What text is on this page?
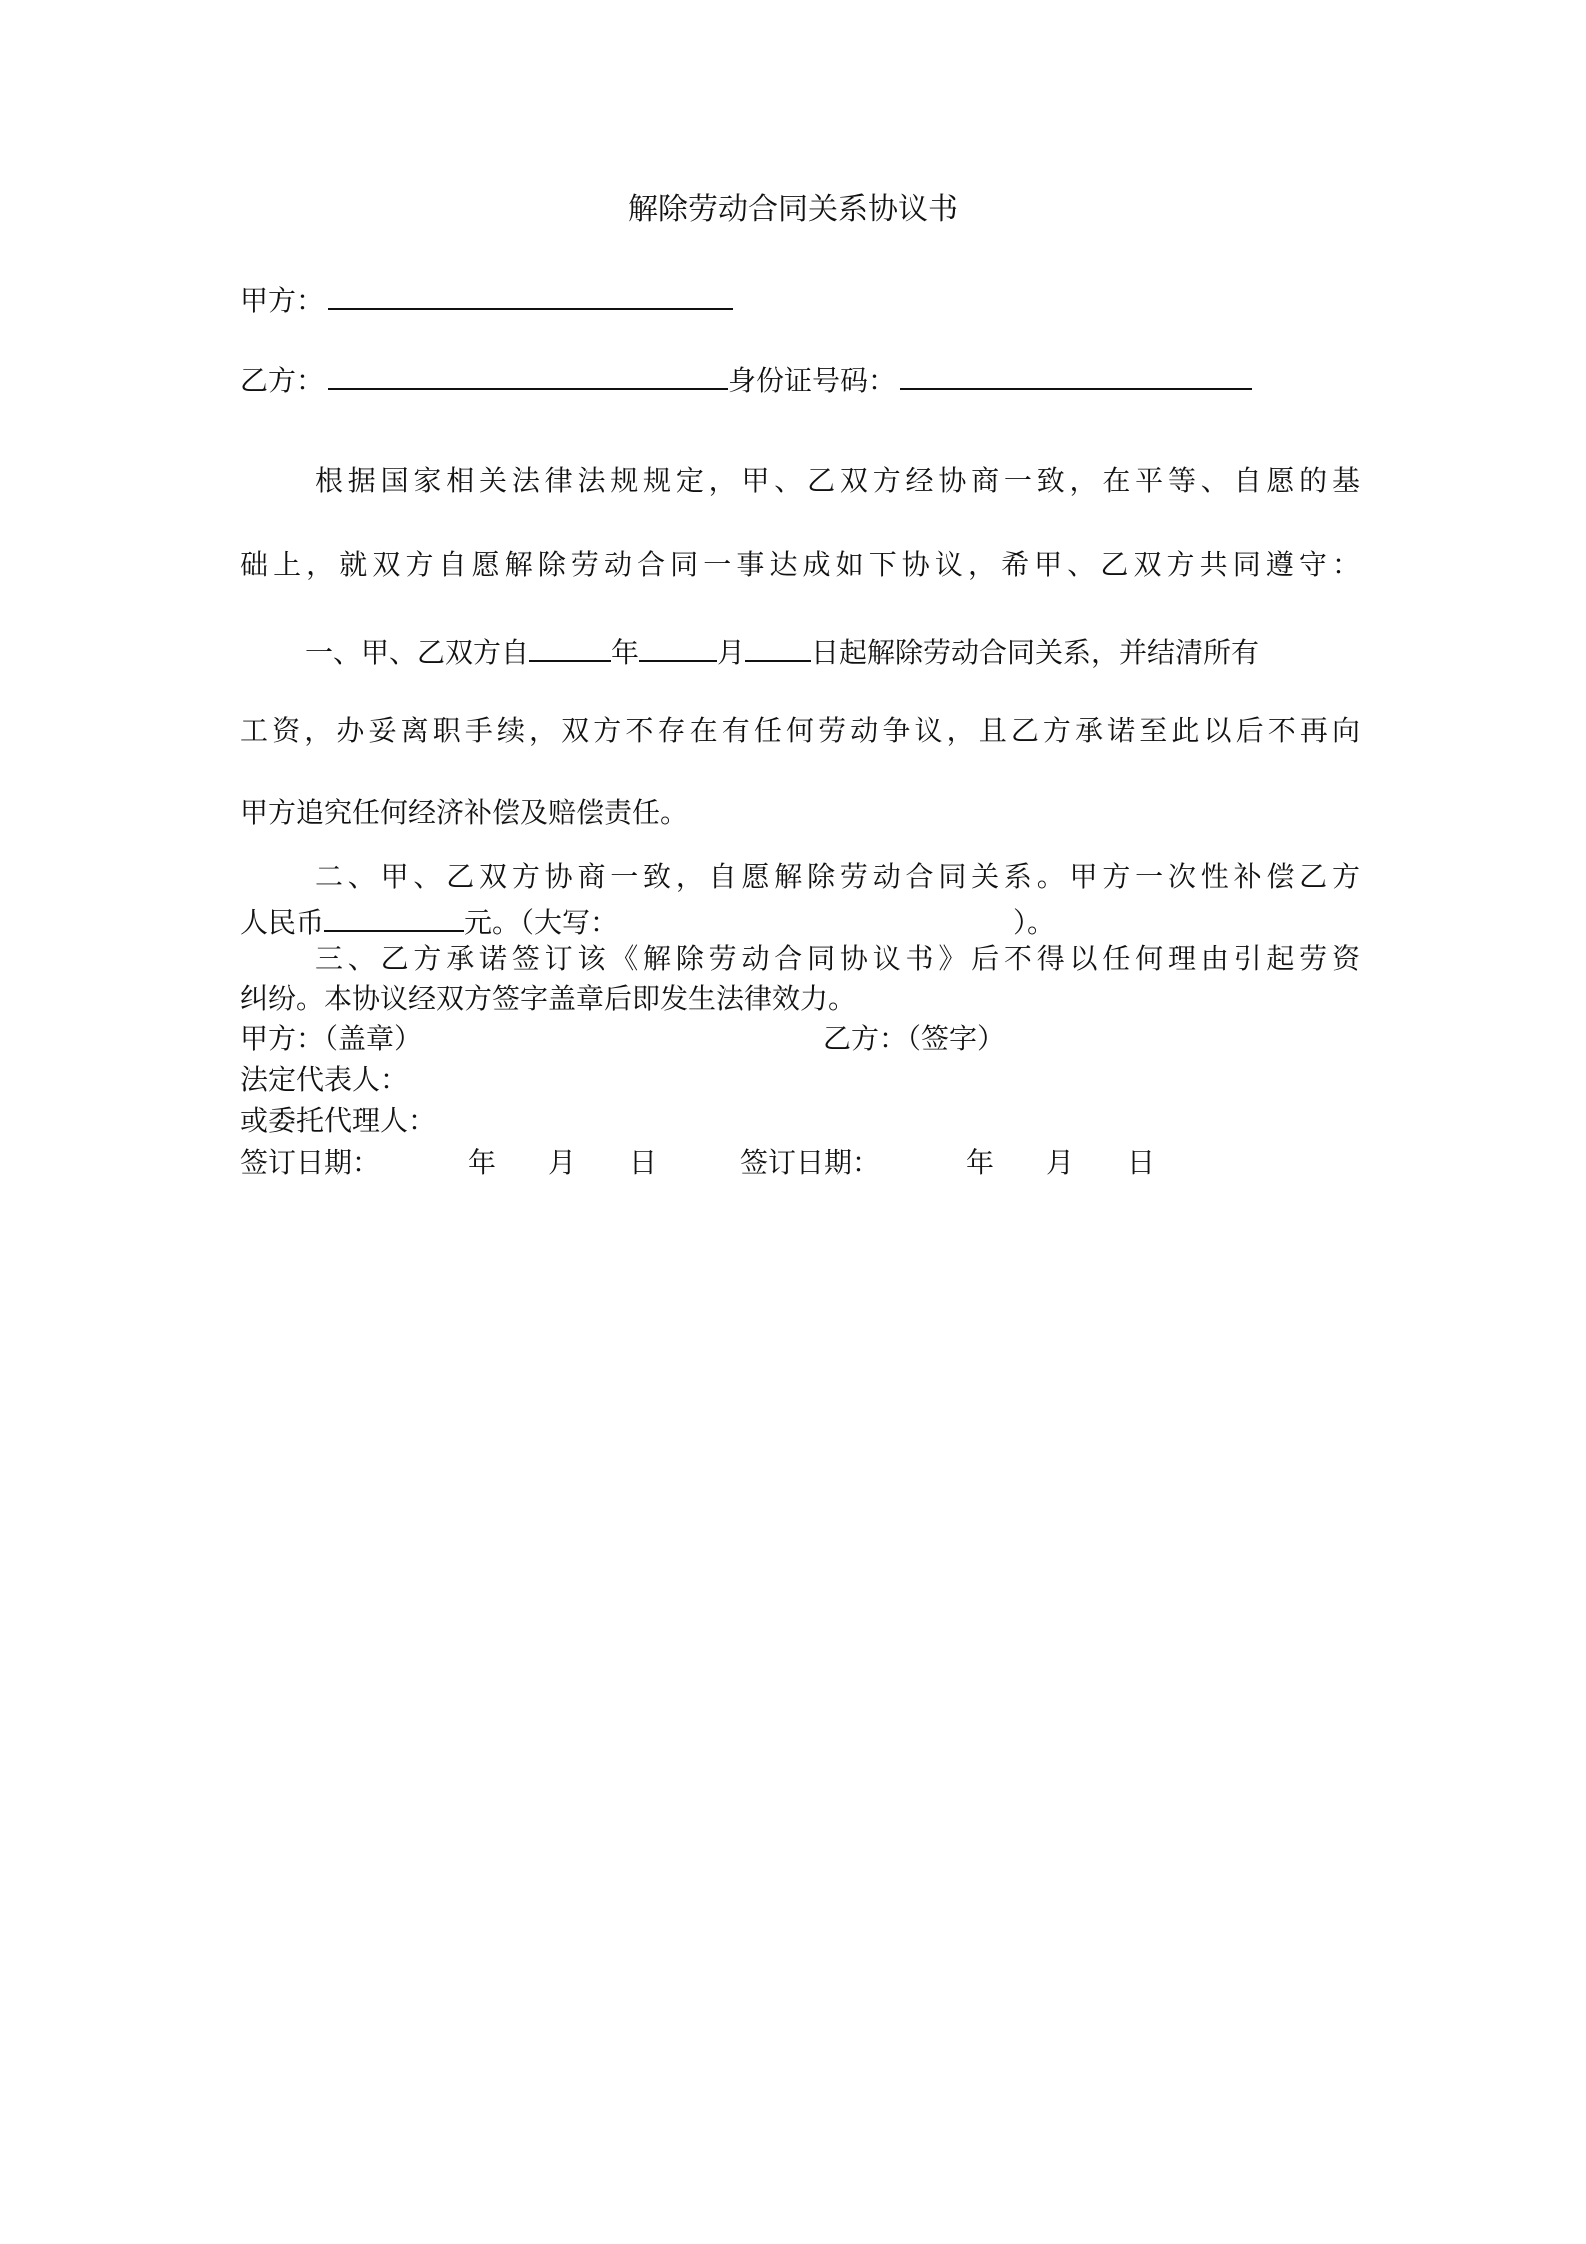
解除劳动合同关系协议书
甲方：
乙方：	身份证号码：
根据国家相关法律法规规定，甲、乙双方经协商一致，在平等、自愿的基
础上，就双方自愿解除劳动合同一事达成如下协议，希甲、乙双方共同遵守：
一、甲、乙双方自	年	月 日起解除劳动合同关系，并结清所有
工资，办妥离职手续，双方不存在有任何劳动争议，且乙方承诺至此以后不再向
甲方追究任何经济补偿及赔偿责任。
二、甲、乙双方协商一致，自愿解除劳动合同关系。甲方一次性补偿乙方
人民币	元。（大写：	）。
三、乙方承诺签订该《解除劳动合同协议书》后不得以任何理由引起劳资
纠纷。本协议经双方签字盖章后即发生法律效力。
甲方：（盖章）	乙方：（签字）
法定代表人：
或委托代理人：
签订日期：	年 月 日	签订日期：	年 月 日
